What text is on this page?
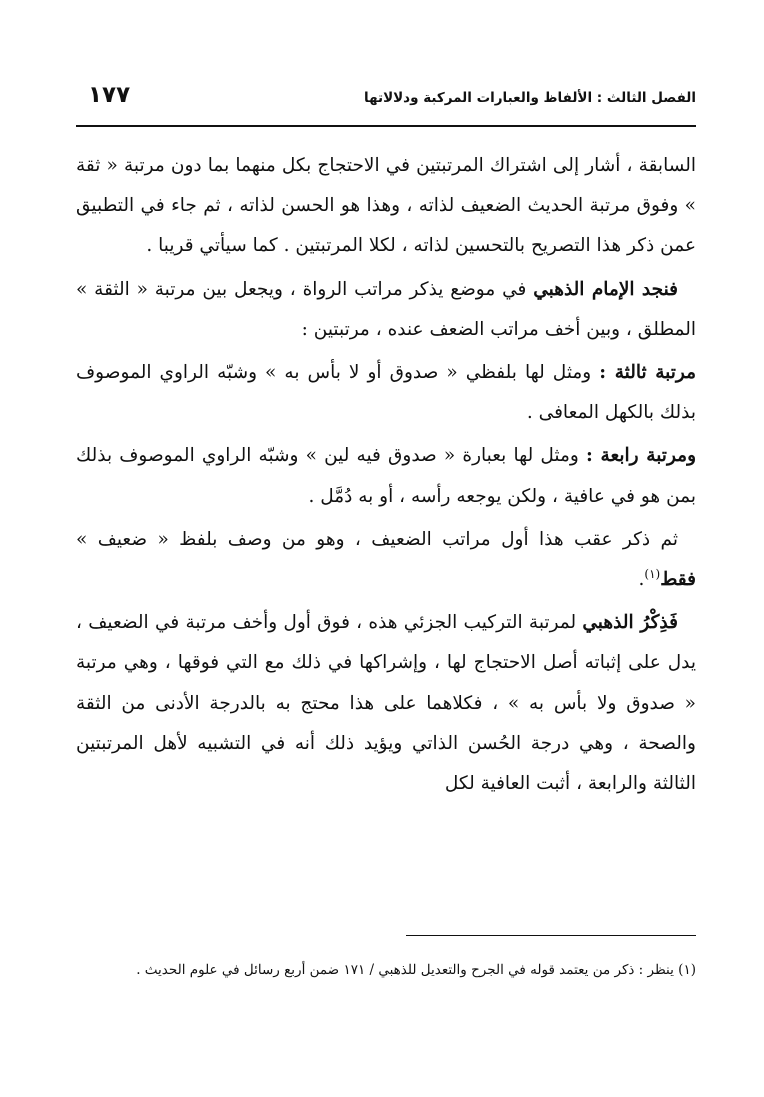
الفصل الثالث : الألفاظ والعبارات المركبة ودلالاتها
١٧٧

السابقة ، أشار إلى اشتراك المرتبتين في الاحتجاج بكل منهما بما دون مرتبة « ثقة » وفوق مرتبة الحديث الضعيف لذاته ، وهذا هو الحسن لذاته ، ثم جاء في التطبيق عمن ذكر هذا التصريح بالتحسين لذاته ، لكلا المرتبتين . كما سيأتي قريبا .

فنجد الإمام الذهبي في موضع يذكر مراتب الرواة ، ويجعل بين مرتبة « الثقة » المطلق ، وبين أخف مراتب الضعف عنده ، مرتبتين :

مرتبة ثالثة : ومثل لها بلفظي « صدوق أو لا بأس به » وشبّه الراوي الموصوف بذلك بالكهل المعافى .

ومرتبة رابعة : ومثل لها بعبارة « صدوق فيه لين » وشبّه الراوي الموصوف بذلك بمن هو في عافية ، ولكن يوجعه رأسه ، أو به دُمَّل .

ثم ذكر عقب هذا أول مراتب الضعيف ، وهو من وصف بلفظ « ضعيف » فقط$^{(١)}$.

فَذِكْرُ الذهبي لمرتبة التركيب الجزئي هذه ، فوق أول وأخف مرتبة في الضعيف ، يدل على إثباته أصل الاحتجاج لها ، وإشراكها في ذلك مع التي فوقها ، وهي مرتبة « صدوق ولا بأس به » ، فكلاهما على هذا محتج به بالدرجة الأدنى من الثقة والصحة ، وهي درجة الحُسن الذاتي ويؤيد ذلك أنه في التشبيه لأهل المرتبتين الثالثة والرابعة ، أثبت العافية لكل

(١) ينظر : ذكر من يعتمد قوله في الجرح والتعديل للذهبي / ١٧١ ضمن أربع رسائل في علوم الحديث .
